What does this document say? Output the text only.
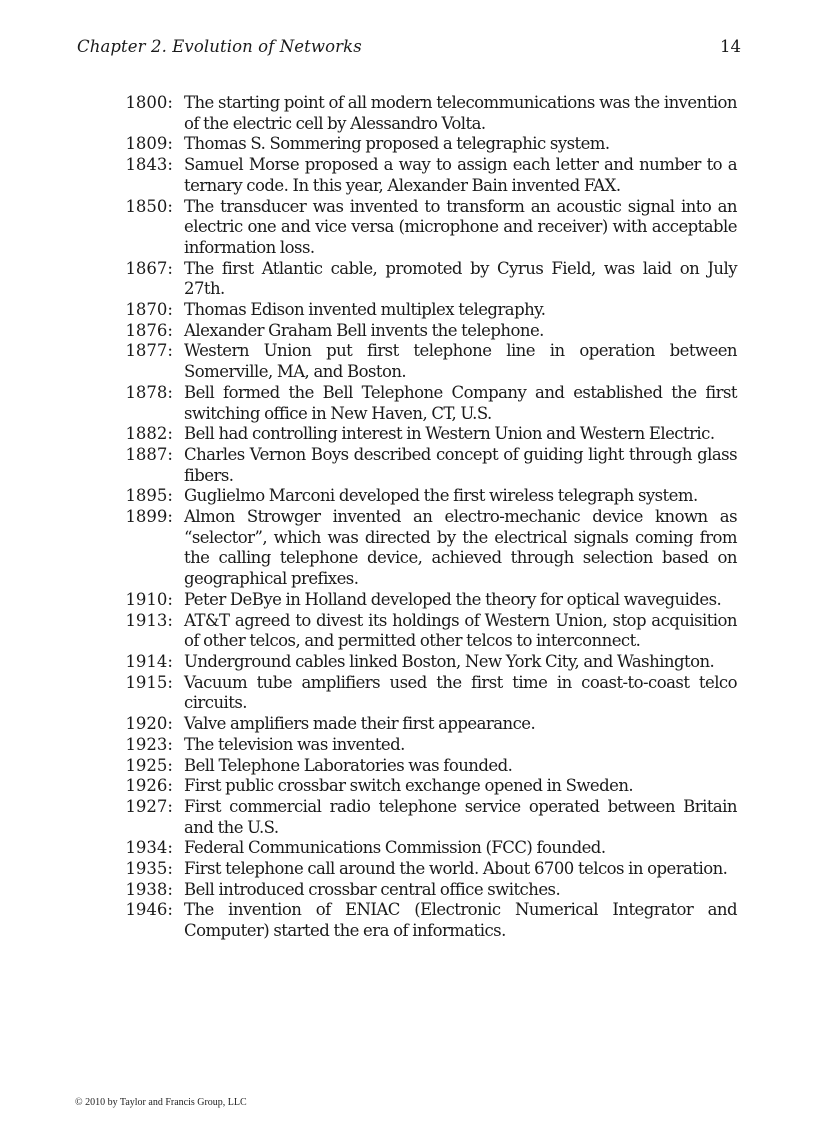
Chapter 2. Evolution of Networks	14
1800: The starting point of all modern telecommunications was the invention of the electric cell by Alessandro Volta.
1809: Thomas S. Sommering proposed a telegraphic system.
1843: Samuel Morse proposed a way to assign each letter and number to a ternary code. In this year, Alexander Bain invented FAX.
1850: The transducer was invented to transform an acoustic signal into an electric one and vice versa (microphone and receiver) with acceptable information loss.
1867: The first Atlantic cable, promoted by Cyrus Field, was laid on July 27th.
1870: Thomas Edison invented multiplex telegraphy.
1876: Alexander Graham Bell invents the telephone.
1877: Western Union put first telephone line in operation between Somerville, MA, and Boston.
1878: Bell formed the Bell Telephone Company and established the first switching office in New Haven, CT, U.S.
1882: Bell had controlling interest in Western Union and Western Electric.
1887: Charles Vernon Boys described concept of guiding light through glass fibers.
1895: Guglielmo Marconi developed the first wireless telegraph system.
1899: Almon Strowger invented an electro-mechanic device known as “selector”, which was directed by the electrical signals coming from the calling telephone device, achieved through selection based on geographical prefixes.
1910: Peter DeBye in Holland developed the theory for optical waveguides.
1913: AT&T agreed to divest its holdings of Western Union, stop acquisition of other telcos, and permitted other telcos to interconnect.
1914: Underground cables linked Boston, New York City, and Washington.
1915: Vacuum tube amplifiers used the first time in coast-to-coast telco circuits.
1920: Valve amplifiers made their first appearance.
1923: The television was invented.
1925: Bell Telephone Laboratories was founded.
1926: First public crossbar switch exchange opened in Sweden.
1927: First commercial radio telephone service operated between Britain and the U.S.
1934: Federal Communications Commission (FCC) founded.
1935: First telephone call around the world. About 6700 telcos in operation.
1938: Bell introduced crossbar central office switches.
1946: The invention of ENIAC (Electronic Numerical Integrator and Computer) started the era of informatics.
© 2010 by Taylor and Francis Group, LLC
